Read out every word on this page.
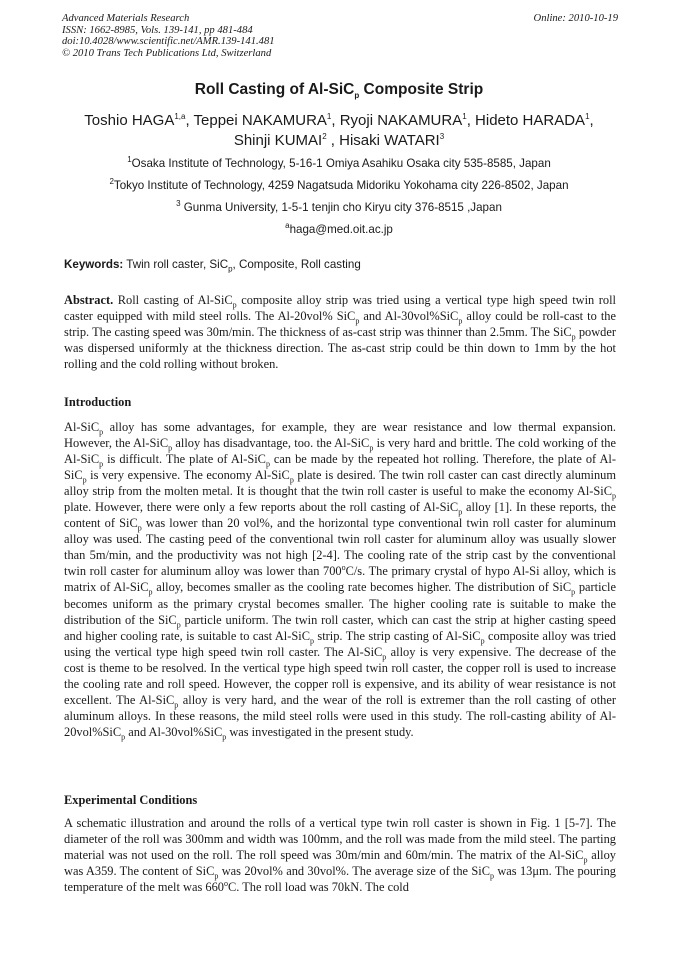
Advanced Materials Research
ISSN: 1662-8985, Vols. 139-141, pp 481-484
doi:10.4028/www.scientific.net/AMR.139-141.481
© 2010 Trans Tech Publications Ltd, Switzerland
Online: 2010-10-19
Roll Casting of Al-SiC$_p$ Composite Strip
Toshio HAGA$^{1,a}$, Teppei NAKAMURA$^1$, Ryoji NAKAMURA$^1$, Hideto HARADA$^1$,
Shinji KUMAI$^2$ , Hisaki WATARI$^3$
$^1$Osaka Institute of Technology, 5-16-1 Omiya Asahiku Osaka city 535-8585, Japan
$^2$Tokyo Institute of Technology, 4259 Nagatsuda Midoriku Yokohama city 226-8502, Japan
$^3$ Gunma University, 1-5-1 tenjin cho Kiryu city 376-8515 ,Japan
$^a$haga@med.oit.ac.jp
Keywords: Twin roll caster, SiC$_p$, Composite, Roll casting
Abstract. Roll casting of Al-SiC$_p$ composite alloy strip was tried using a vertical type high speed twin roll caster equipped with mild steel rolls. The Al-20vol% SiC$_p$ and Al-30vol%SiC$_p$ alloy could be roll-cast to the strip. The casting speed was 30m/min. The thickness of as-cast strip was thinner than 2.5mm. The SiC$_p$ powder was dispersed uniformly at the thickness direction. The as-cast strip could be thin down to 1mm by the hot rolling and the cold rolling without broken.
Introduction
Al-SiC$_p$ alloy has some advantages, for example, they are wear resistance and low thermal expansion. However, the Al-SiC$_p$ alloy has disadvantage, too. the Al-SiC$_p$ is very hard and brittle. The cold working of the Al-SiC$_p$ is difficult. The plate of Al-SiC$_p$ can be made by the repeated hot rolling. Therefore, the plate of Al-SiC$_p$ is very expensive. The economy Al-SiC$_p$ plate is desired. The twin roll caster can cast directly aluminum alloy strip from the molten metal. It is thought that the twin roll caster is useful to make the economy Al-SiC$_p$ plate. However, there were only a few reports about the roll casting of Al-SiC$_p$ alloy [1]. In these reports, the content of SiC$_p$ was lower than 20 vol%, and the horizontal type conventional twin roll caster for aluminum alloy was used. The casting peed of the conventional twin roll caster for aluminum alloy was usually slower than 5m/min, and the productivity was not high [2-4]. The cooling rate of the strip cast by the conventional twin roll caster for aluminum alloy was lower than 700$^o$C/s. The primary crystal of hypo Al-Si alloy, which is matrix of Al-SiC$_p$ alloy, becomes smaller as the cooling rate becomes higher. The distribution of SiC$_p$ particle becomes uniform as the primary crystal becomes smaller. The higher cooling rate is suitable to make the distribution of the SiC$_p$ particle uniform. The twin roll caster, which can cast the strip at higher casting speed and higher cooling rate, is suitable to cast Al-SiC$_p$ strip. The strip casting of Al-SiC$_p$ composite alloy was tried using the vertical type high speed twin roll caster. The Al-SiC$_p$ alloy is very expensive. The decrease of the cost is theme to be resolved. In the vertical type high speed twin roll caster, the copper roll is used to increase the cooling rate and roll speed. However, the copper roll is expensive, and its ability of wear resistance is not excellent. The Al-SiC$_p$ alloy is very hard, and the wear of the roll is extremer than the roll casting of other aluminum alloys. In these reasons, the mild steel rolls were used in this study. The roll-casting ability of Al-20vol%SiC$_p$ and Al-30vol%SiC$_p$ was investigated in the present study.
Experimental Conditions
A schematic illustration and around the rolls of a vertical type twin roll caster is shown in Fig. 1 [5-7]. The diameter of the roll was 300mm and width was 100mm, and the roll was made from the mild steel. The parting material was not used on the roll. The roll speed was 30m/min and 60m/min. The matrix of the Al-SiC$_p$ alloy was A359. The content of SiC$_p$ was 20vol% and 30vol%. The average size of the SiC$_p$ was 13μm. The pouring temperature of the melt was 660$^o$C. The roll load was 70kN. The cold
